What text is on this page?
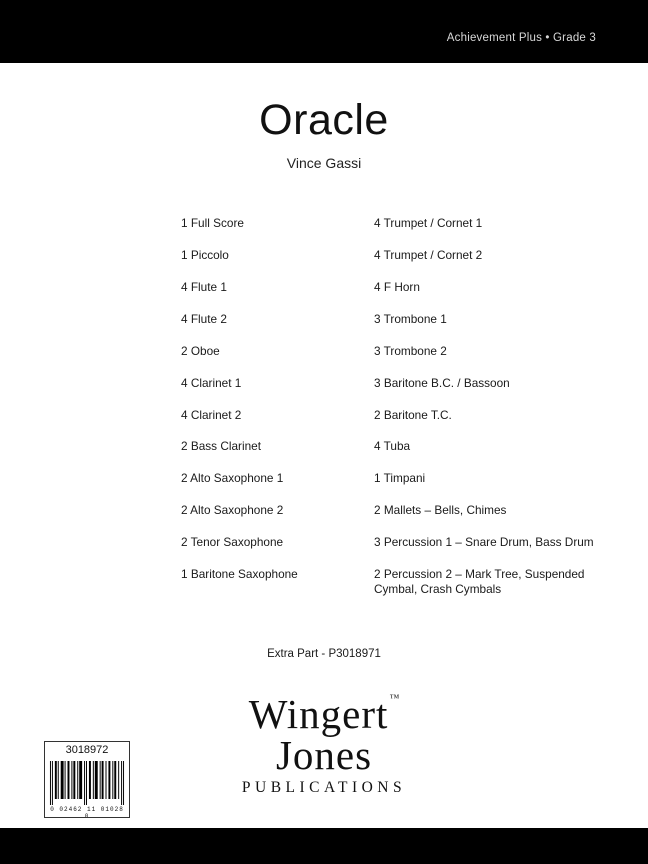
Achievement Plus • Grade 3
Oracle
Vince Gassi
1 Full Score
1 Piccolo
4 Flute 1
4 Flute 2
2 Oboe
4 Clarinet 1
4 Clarinet 2
2 Bass Clarinet
2 Alto Saxophone 1
2 Alto Saxophone 2
2 Tenor Saxophone
1 Baritone Saxophone
4 Trumpet / Cornet 1
4 Trumpet / Cornet 2
4 F Horn
3 Trombone 1
3 Trombone 2
3 Baritone B.C. / Bassoon
2 Baritone T.C.
4 Tuba
1 Timpani
2 Mallets – Bells, Chimes
3 Percussion 1 – Snare Drum, Bass Drum
2 Percussion 2 – Mark Tree, Suspended Cymbal, Crash Cymbals
Extra Part - P3018971
Wingert™
Jones
PUBLICATIONS
3018972
0 02462 11 01028 0
